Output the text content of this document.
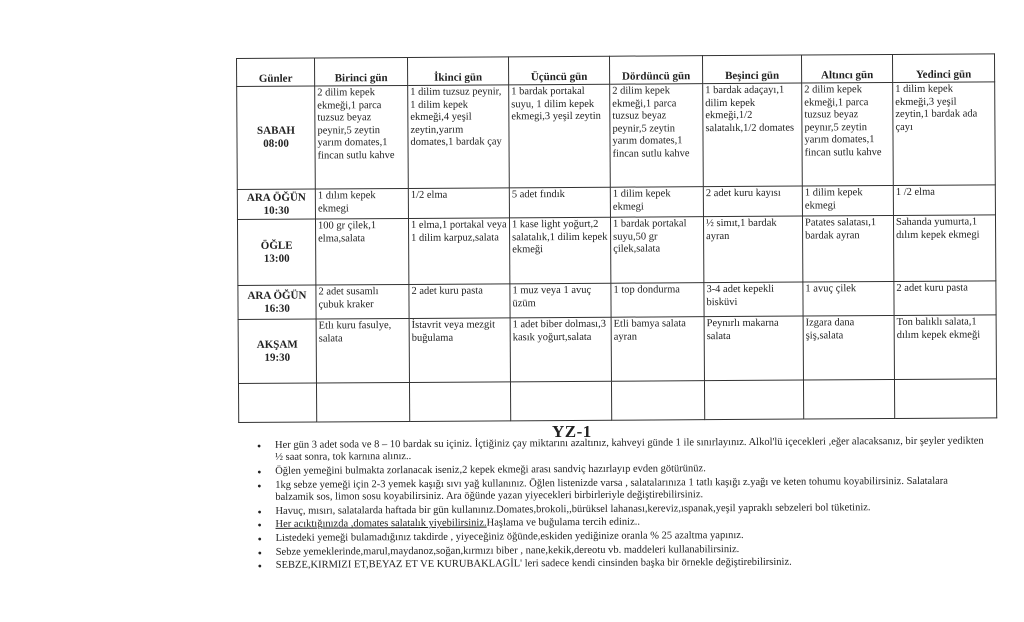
Günler	Birinci gün	İkinci gün	Üçüncü gün	Dördüncü gün	Beşinci gün	Altıncı gün	Yedinci gün

SABAH
08:00	2 dilim kepek ekmeği,1 parca tuzsuz beyaz peynir,5 zeytin yarım domates,1 fincan sutlu kahve	1 dilim tuzsuz peynir, 1 dilim kepek ekmeği,4 yeşil zeytin,yarım domates,1 bardak çay	1 bardak portakal suyu, 1 dilim kepek ekmegi,3 yeşil zeytin	2 dilim kepek ekmeği,1 parca tuzsuz beyaz peynir,5 zeytin yarım domates,1 fincan sutlu kahve	1 bardak adaçayı,1 dilim kepek ekmeği,1/2 salatalık,1/2 domates	2 dilim kepek ekmeği,1 parca tuzsuz beyaz peynır,5 zeytin yarım domates,1 fincan sutlu kahve	1 dilim kepek ekmeği,3 yeşil zeytin,1 bardak ada çayı

ARA ÖĞÜN
10:30	1 dılım kepek ekmegi	1/2 elma	5 adet fındık	1 dilim kepek ekmegi	2 adet kuru kayısı	1 dilim kepek ekmegi	1 /2 elma

ÖĞLE
13:00	100 gr çilek,1 elma,salata	1 elma,1 portakal veya 1 dilim karpuz,salata	1 kase light yoğurt,2 salatalık,1 dilim kepek ekmeği	1 bardak portakal suyu,50 gr çilek,salata	½ simıt,1 bardak ayran	Patates salatası,1 bardak ayran	Sahanda yumurta,1 dılım kepek ekmegi

ARA ÖĞÜN
16:30	2 adet susamlı çubuk kraker	2 adet kuru pasta	1 muz veya 1 avuç üzüm	1 top dondurma	3-4 adet kepekli bisküvi	1 avuç çilek	2 adet kuru pasta

AKŞAM
19:30	Etlı kuru fasulye, salata	İstavrit veya mezgit buğulama	1 adet biber dolması,3 kasık yoğurt,salata	Etli bamya salata ayran	Peynırlı makarna salata	Izgara dana şiş,salata	Ton balıklı salata,1 dılım kepek ekmeği

YZ-1
• Her gün 3 adet soda ve 8 – 10 bardak su içiniz. İçtiğiniz çay miktarını azaltınız, kahveyi günde 1 ile sınırlayınız. Alkol'lü içecekleri ,eğer alacaksanız, bir şeyler yedikten ½ saat sonra, tok karnına alınız..
• Öğlen yemeğini bulmakta zorlanacak iseniz,2 kepek ekmeği arası sandviç hazırlayıp evden götürünüz.
• 1kg sebze yemeği için 2-3 yemek kaşığı sıvı yağ kullanınız. Öğlen listenizde varsa , salatalarınıza 1 tatlı kaşığı z.yağı ve keten tohumu koyabilirsiniz. Salatalara balzamik sos, limon sosu koyabilirsiniz. Ara öğünde yazan yiyecekleri birbirleriyle değiştirebilirsiniz.
• Havuç, mısırı, salatalarda haftada bir gün kullanınız.Domates,brokoli,,bürüksel lahanası,kereviz,ıspanak,yeşil yapraklı sebzeleri bol tüketiniz.
• Her acıktığınızda ,domates salatalık yiyebilirsiniz.Haşlama ve buğulama tercih ediniz..
• Listedeki yemeği bulamadığınız takdirde , yiyeceğiniz öğünde,eskiden yediğinize oranla % 25 azaltma yapınız.
• Sebze yemeklerinde,marul,maydanoz,soğan,kırmızı biber , nane,kekik,dereotu vb. maddeleri kullanabilirsiniz.
• SEBZE,KIRMIZI ET,BEYAZ ET VE KURUBAKLAGİL' leri sadece kendi cinsinden başka bir örnekle değiştirebilirsiniz.
